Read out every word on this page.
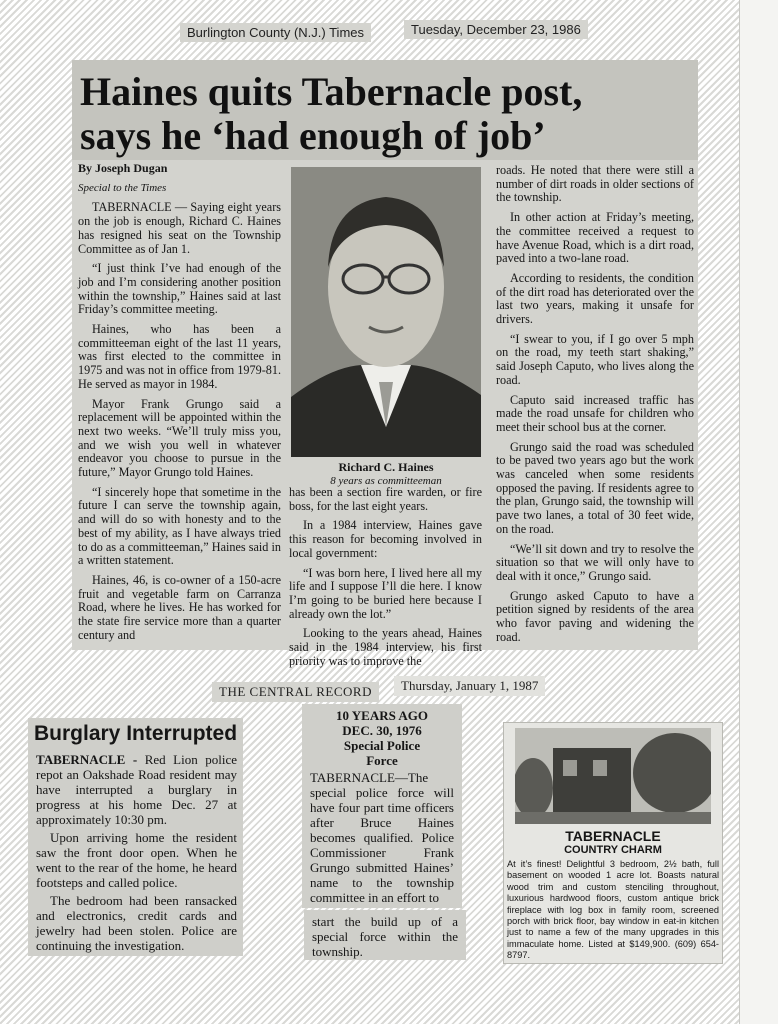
Burlington County (N.J.) Times	Tuesday, December 23, 1986
Haines quits Tabernacle post,
says he ‘had enough of job’

By Joseph Dugan

Special to the Times

TABERNACLE — Saying eight years on the job is enough, Richard C. Haines has resigned his seat on the Township Committee as of Jan 1.

“I just think I’ve had enough of the job and I’m considering another position within the township,” Haines said at last Friday’s committee meeting.

Haines, who has been a committeeman eight of the last 11 years, was first elected to the committee in 1975 and was not in office from 1979-81. He served as mayor in 1984.

Mayor Frank Grungo said a replacement will be appointed within the next two weeks. “We’ll truly miss you, and we wish you well in whatever endeavor you choose to pursue in the future,” Mayor Grungo told Haines.

“I sincerely hope that sometime in the future I can serve the township again, and will do so with honesty and to the best of my ability, as I have always tried to do as a committeeman,” Haines said in a written statement.

Haines, 46, is co-owner of a 150-acre fruit and vegetable farm on Carranza Road, where he lives. He has worked for the state fire service more than a quarter century and

Richard C. Haines
8 years as committeeman

has been a section fire warden, or fire boss, for the last eight years.

In a 1984 interview, Haines gave this reason for becoming involved in local government:

“I was born here, I lived here all my life and I suppose I’ll die here. I know I’m going to be buried here because I already own the lot.”

Looking to the years ahead, Haines said in the 1984 interview, his first priority was to improve the

roads. He noted that there were still a number of dirt roads in older sections of the township.

In other action at Friday’s meeting, the committee received a request to have Avenue Road, which is a dirt road, paved into a two-lane road.

According to residents, the condition of the dirt road has deteriorated over the last two years, making it unsafe for drivers.

“I swear to you, if I go over 5 mph on the road, my teeth start shaking,” said Joseph Caputo, who lives along the road.

Caputo said increased traffic has made the road unsafe for children who meet their school bus at the corner.

Grungo said the road was scheduled to be paved two years ago but the work was canceled when some residents opposed the paving. If residents agree to the plan, Grungo said, the township will pave two lanes, a total of 30 feet wide, on the road.

“We’ll sit down and try to resolve the situation so that we will only have to deal with it once,” Grungo said.

Grungo asked Caputo to have a petition signed by residents of the area who favor paving and widening the road.

THE CENTRAL RECORD	Thursday, January 1, 1987
Burglary Interrupted

TABERNACLE - Red Lion police repot an Oakshade Road resident may have interrupted a burglary in progress at his home Dec. 27 at approximately 10:30 pm.

Upon arriving home the resident saw the front door open. When he went to the rear of the home, he heard footsteps and called police.

The bedroom had been ransacked and electronics, credit cards and jewelry had been stolen. Police are continuing the investigation.

10 YEARS AGO
DEC. 30, 1976
Special Police
Force
TABERNACLE—The special police force will have four part time officers after Bruce Haines becomes qualified. Police Commissioner Frank Grungo submitted Haines’ name to the township committee in an effort to
start the build up of a special force within the township.
TABERNACLE
COUNTRY CHARM
At it’s finest! Delightful 3 bedroom, 2½ bath, full basement on wooded 1 acre lot. Boasts natural wood trim and custom stenciling throughout, luxurious hardwood floors, custom antique brick fireplace with log box in family room, screened porch with brick floor, bay window in eat-in kitchen just to name a few of the many upgrades in this immaculate home. Listed at $149,900. (609) 654-8797.
